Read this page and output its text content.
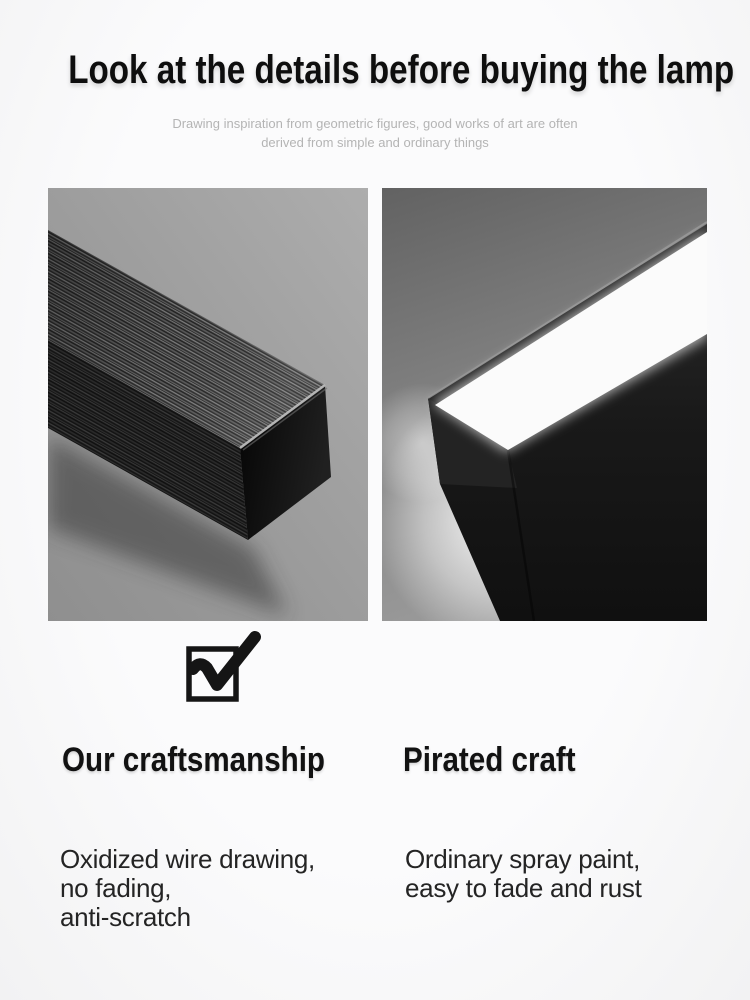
Look at the details before buying the lamp
Drawing inspiration from geometric figures, good works of art are often
derived from simple and ordinary things
Our craftsmanship Pirated craft
Oxidized wire drawing,
no fading,
anti-scratch
Ordinary spray paint,
easy to fade and rust
